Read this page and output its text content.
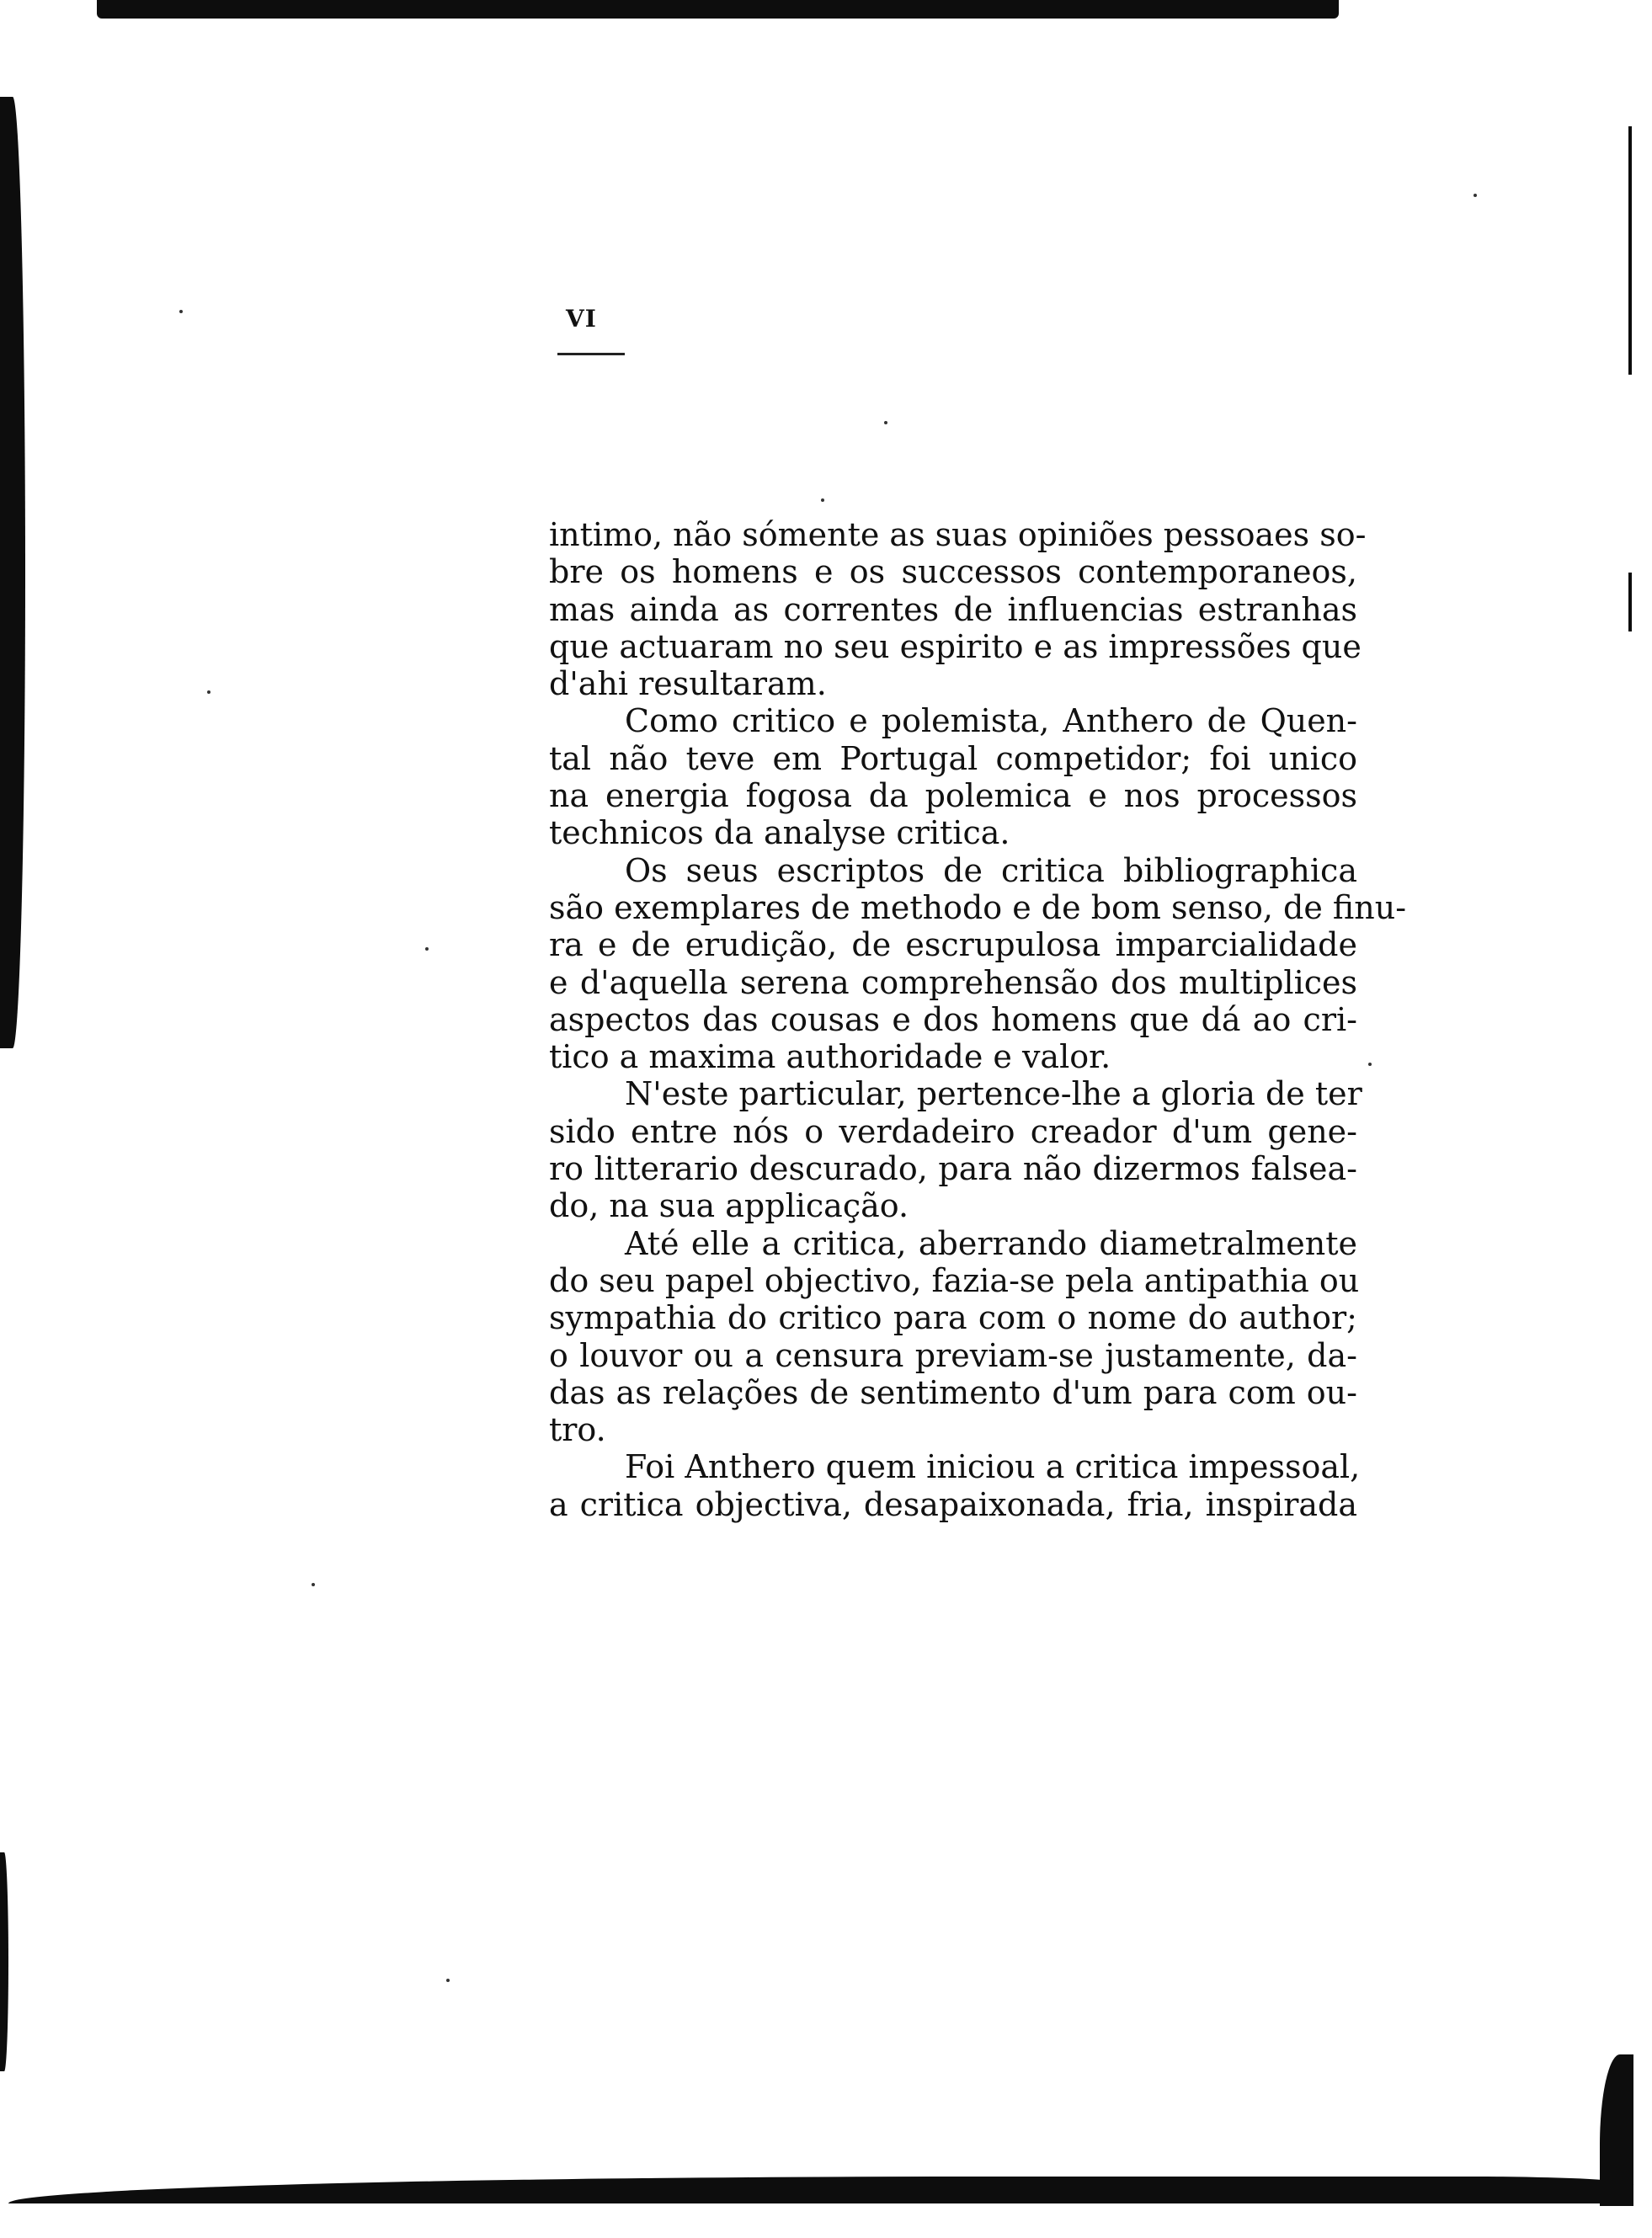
VI

intimo, não sómente as suas opiniões pessoaes so-
bre os homens e os successos contemporaneos,
mas ainda as correntes de influencias estranhas
que actuaram no seu espirito e as impressões que
d'ahi resultaram.
Como critico e polemista, Anthero de Quen-
tal não teve em Portugal competidor; foi unico
na energia fogosa da polemica e nos processos
technicos da analyse critica.
Os seus escriptos de critica bibliographica
são exemplares de methodo e de bom senso, de finu-
ra e de erudição, de escrupulosa imparcialidade
e d'aquella serena comprehensão dos multiplices
aspectos das cousas e dos homens que dá ao cri-
tico a maxima authoridade e valor.
N'este particular, pertence-lhe a gloria de ter
sido entre nós o verdadeiro creador d'um gene-
ro litterario descurado, para não dizermos falsea-
do, na sua applicação.
Até elle a critica, aberrando diametralmente
do seu papel objectivo, fazia-se pela antipathia ou
sympathia do critico para com o nome do author;
o louvor ou a censura previam-se justamente, da-
das as relações de sentimento d'um para com ou-
tro.
Foi Anthero quem iniciou a critica impessoal,
a critica objectiva, desapaixonada, fria, inspirada
